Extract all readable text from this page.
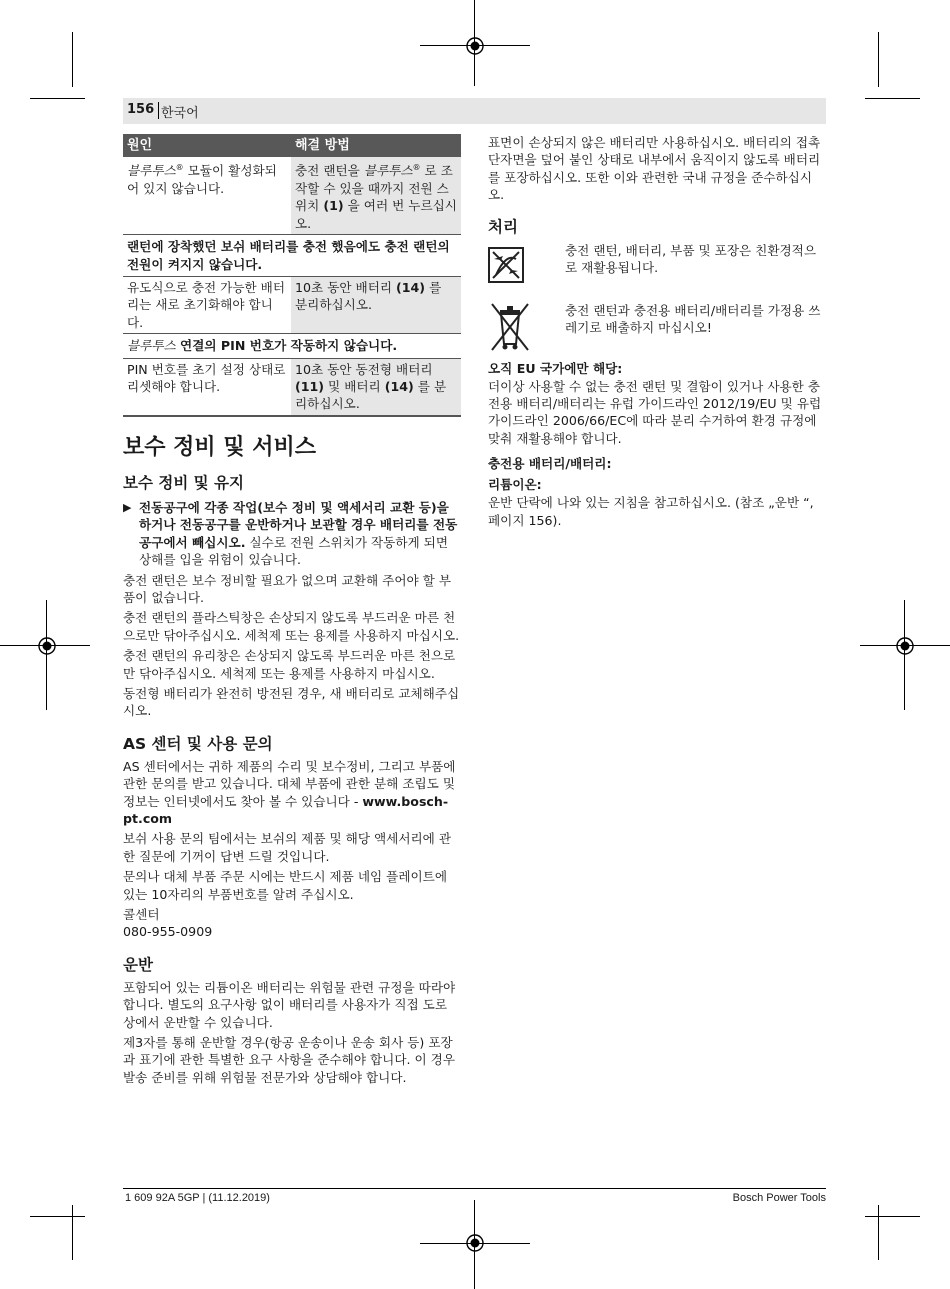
156 한국어
원인	해결 방법
블루투스® 모듈이 활성화되어 있지 않습니다.	충전 랜턴을 블루투스® 로 조작할 수 있을 때까지 전원 스위치 (1) 을 여러 번 누르십시오.
랜턴에 장착했던 보쉬 배터리를 충전 했음에도 충전 랜턴의 전원이 켜지지 않습니다.	
유도식으로 충전 가능한 배터리는 새로 초기화해야 합니다.	10초 동안 배터리 (14) 를 분리하십시오.
블루투스 연결의 PIN 번호가 작동하지 않습니다.	
PIN 번호를 초기 설정 상태로 리셋해야 합니다.	10초 동안 동전형 배터리 (11) 및 배터리 (14) 를 분리하십시오.
보수 정비 및 서비스
보수 정비 및 유지

▶ 전동공구에 각종 작업(보수 정비 및 액세서리 교환 등)을 하거나 전동공구를 운반하거나 보관할 경우 배터리를 전동공구에서 빼십시오. 실수로 전원 스위치가 작동하게 되면 상해를 입을 위험이 있습니다.

충전 랜턴은 보수 정비할 필요가 없으며 교환해 주어야 할 부품이 없습니다.

충전 랜턴의 플라스틱창은 손상되지 않도록 부드러운 마른 천으로만 닦아주십시오. 세척제 또는 용제를 사용하지 마십시오.

충전 랜턴의 유리창은 손상되지 않도록 부드러운 마른 천으로만 닦아주십시오. 세척제 또는 용제를 사용하지 마십시오.

동전형 배터리가 완전히 방전된 경우, 새 배터리로 교체해주십시오.

AS 센터 및 사용 문의

AS 센터에서는 귀하 제품의 수리 및 보수정비, 그리고 부품에 관한 문의를 받고 있습니다. 대체 부품에 관한 분해 조립도 및 정보는 인터넷에서도 찾아 볼 수 있습니다 - www.bosch-pt.com

보쉬 사용 문의 팀에서는 보쉬의 제품 및 해당 액세서리에 관한 질문에 기꺼이 답변 드릴 것입니다.

문의나 대체 부품 주문 시에는 반드시 제품 네임 플레이트에 있는 10자리의 부품번호를 알려 주십시오.

콜센터

080-955-0909

운반

포함되어 있는 리튬이온 배터리는 위험물 관련 규정을 따라야 합니다. 별도의 요구사항 없이 배터리를 사용자가 직접 도로 상에서 운반할 수 있습니다.

제3자를 통해 운반할 경우(항공 운송이나 운송 회사 등) 포장과 표기에 관한 특별한 요구 사항을 준수해야 합니다. 이 경우 발송 준비를 위해 위험물 전문가와 상담해야 합니다.

표면이 손상되지 않은 배터리만 사용하십시오. 배터리의 접촉 단자면을 덮어 붙인 상태로 내부에서 움직이지 않도록 배터리를 포장하십시오. 또한 이와 관련한 국내 규정을 준수하십시오.

처리
충전 랜턴, 배터리, 부품 및 포장은 친환경적으로 재활용됩니다.
충전 랜턴과 충전용 배터리/배터리를 가정용 쓰레기로 배출하지 마십시오!
오직 EU 국가에만 해당:

더이상 사용할 수 없는 충전 랜턴 및 결함이 있거나 사용한 충전용 배터리/배터리는 유럽 가이드라인 2012/19/EU 및 유럽 가이드라인 2006/66/EC에 따라 분리 수거하여 환경 규정에 맞춰 재활용해야 합니다.

충전용 배터리/배터리:
리튬이온:

운반 단락에 나와 있는 지침을 참고하십시오. (참조 „운반 “, 페이지 156).

1 609 92A 5GP | (11.12.2019)	Bosch Power Tools
